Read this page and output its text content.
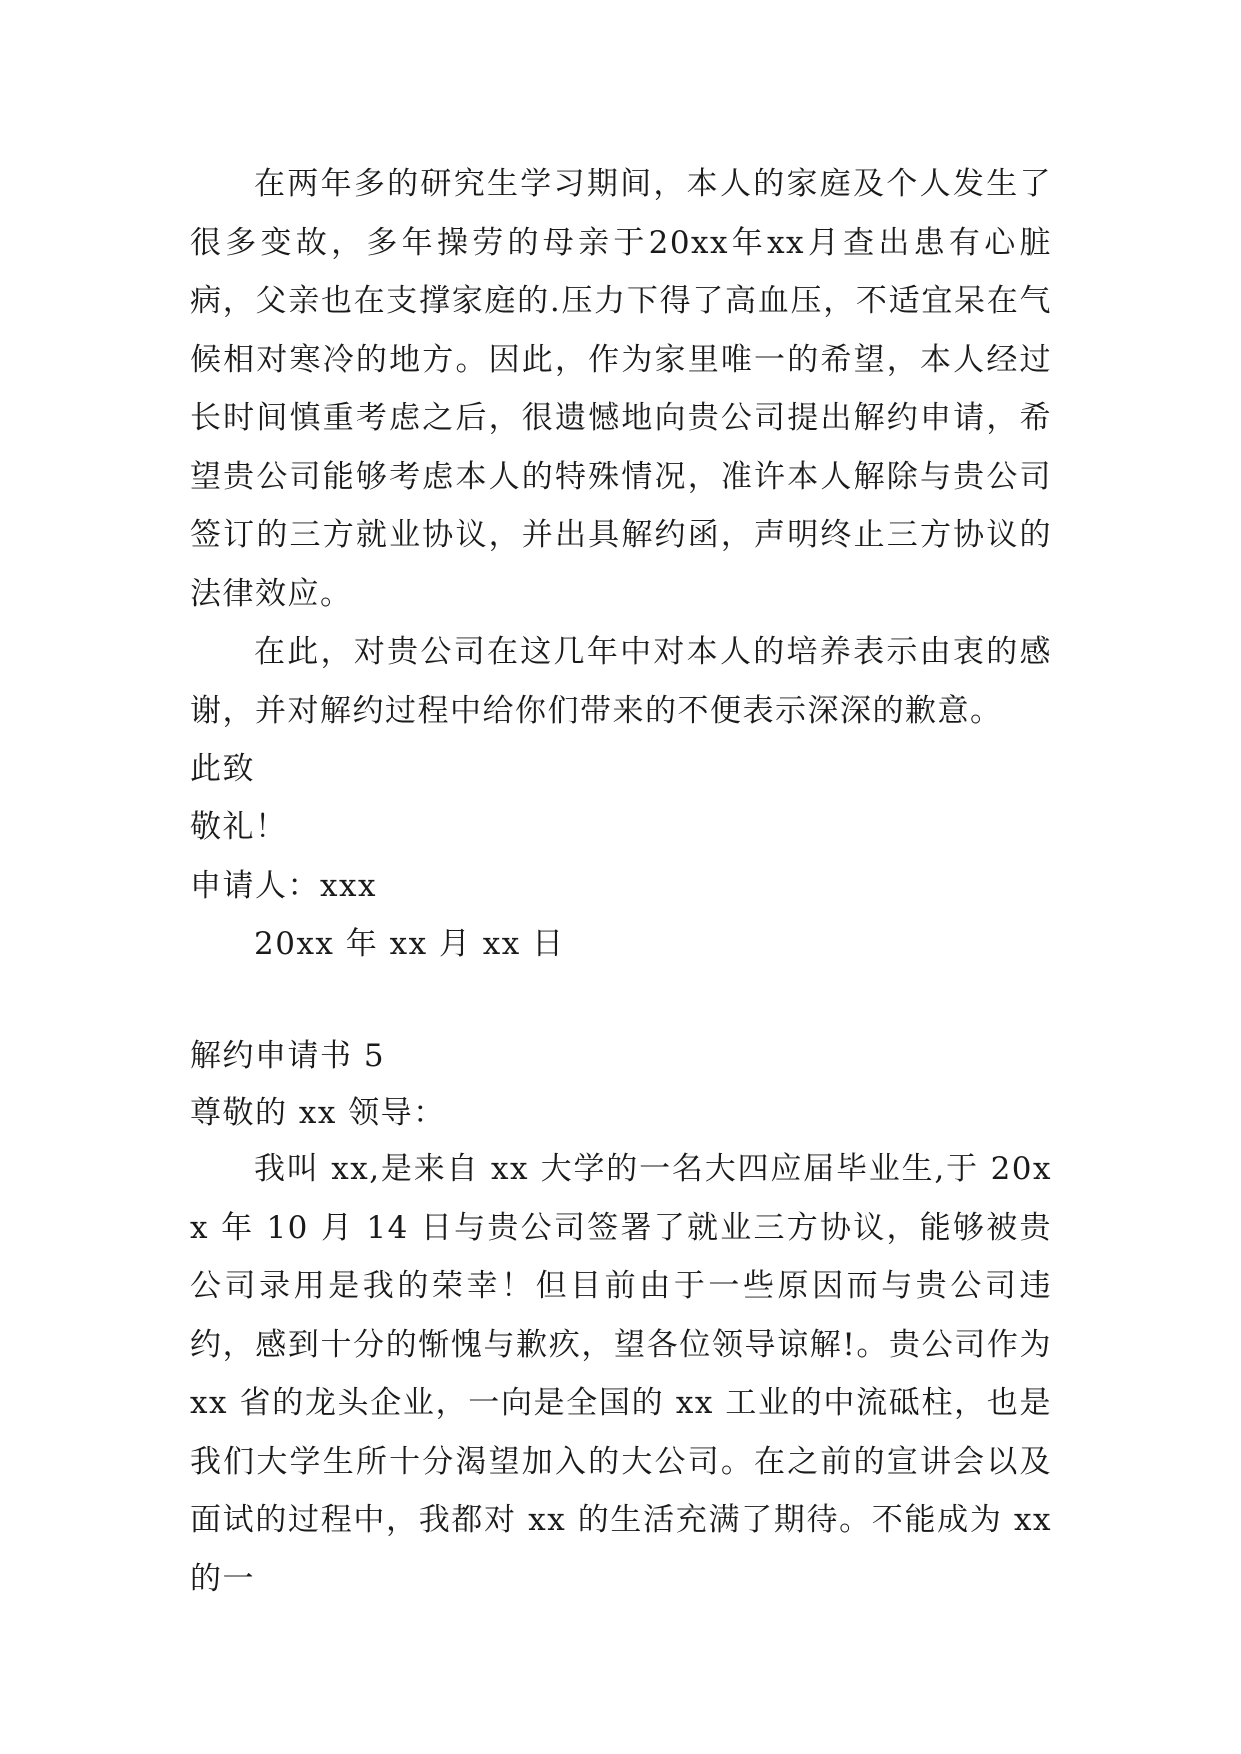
在两年多的研究生学习期间，本人的家庭及个人发生了很多变故，多年操劳的母亲于20xx年xx月查出患有心脏病，父亲也在支撑家庭的.压力下得了高血压，不适宜呆在气候相对寒冷的地方。因此，作为家里唯一的希望，本人经过长时间慎重考虑之后，很遗憾地向贵公司提出解约申请，希望贵公司能够考虑本人的特殊情况，准许本人解除与贵公司签订的三方就业协议，并出具解约函，声明终止三方协议的法律效应。

在此，对贵公司在这几年中对本人的培养表示由衷的感谢，并对解约过程中给你们带来的不便表示深深的歉意。

此致

敬礼！

申请人：xxx

20xx 年 xx 月 xx 日

解约申请书 5

尊敬的 xx 领导：

我叫 xx,是来自 xx 大学的一名大四应届毕业生,于 20xx 年 10 月 14 日与贵公司签署了就业三方协议，能够被贵公司录用是我的荣幸！但目前由于一些原因而与贵公司违约，感到十分的惭愧与歉疚，望各位领导谅解!。贵公司作为 xx 省的龙头企业，一向是全国的 xx 工业的中流砥柱，也是我们大学生所十分渴望加入的大公司。在之前的宣讲会以及面试的过程中，我都对 xx 的生活充满了期待。不能成为 xx 的一
